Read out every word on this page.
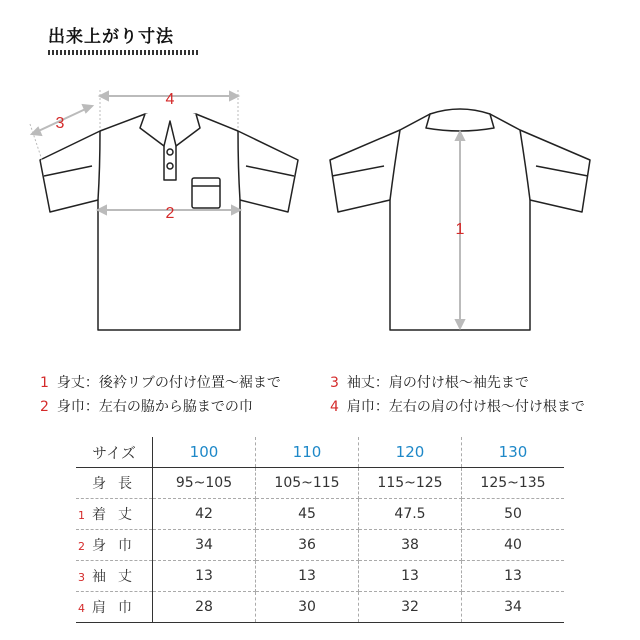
出来上がり寸法
4
2
3
1
1 身丈：後衿リブの付け位置〜裾まで	3 袖丈：肩の付け根〜袖先まで
2 身巾：左右の脇から脇までの巾	4 肩巾：左右の肩の付け根〜付け根まで
サイズ	100	110	120	130
身長	95~105	105~115	115~125	125~135
1 着丈	42	45	47.5	50
2 身巾	34	36	38	40
3 袖丈	13	13	13	13
4 肩巾	28	30	32	34
